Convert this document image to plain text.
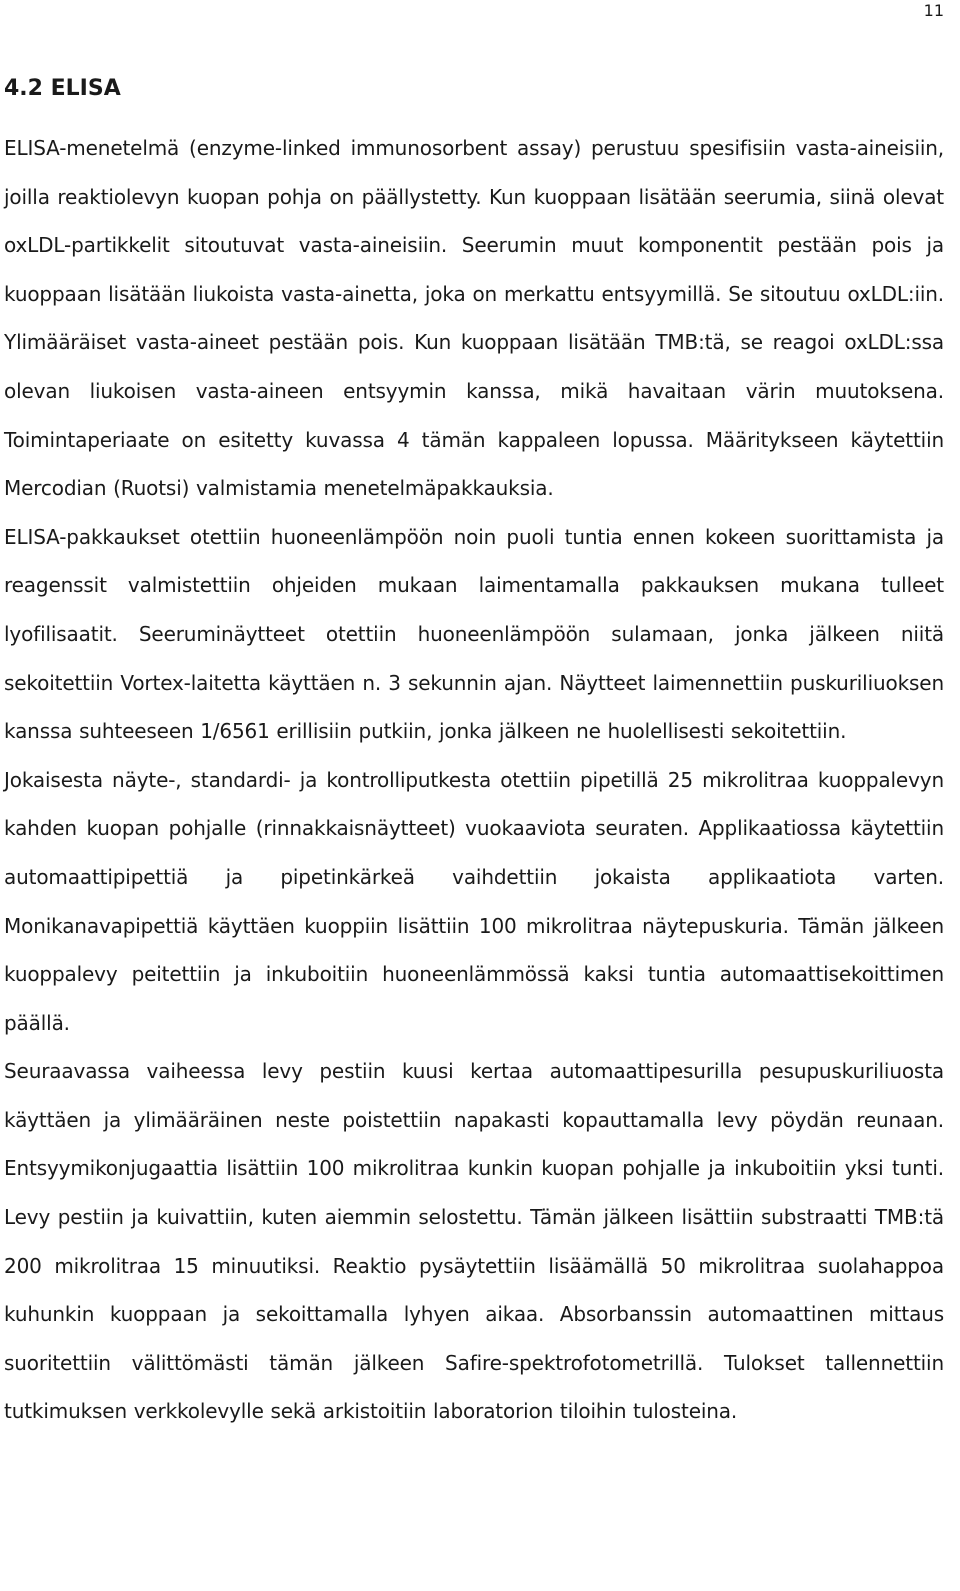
11
4.2 ELISA

ELISA-menetelmä (enzyme-linked immunosorbent assay) perustuu spesifisiin vasta-aineisiin, joilla reaktiolevyn kuopan pohja on päällystetty. Kun kuoppaan lisätään seerumia, siinä olevat oxLDL-partikkelit sitoutuvat vasta-aineisiin. Seerumin muut komponentit pestään pois ja kuoppaan lisätään liukoista vasta-ainetta, joka on merkattu entsyymillä. Se sitoutuu oxLDL:iin. Ylimääräiset vasta-aineet pestään pois. Kun kuoppaan lisätään TMB:tä, se reagoi oxLDL:ssa olevan liukoisen vasta-aineen entsyymin kanssa, mikä havaitaan värin muutoksena. Toimintaperiaate on esitetty kuvassa 4 tämän kappaleen lopussa. Määritykseen käytettiin Mercodian (Ruotsi) valmistamia menetelmäpakkauksia.

ELISA-pakkaukset otettiin huoneenlämpöön noin puoli tuntia ennen kokeen suorittamista ja reagenssit valmistettiin ohjeiden mukaan laimentamalla pakkauksen mukana tulleet lyofilisaatit. Seeruminäytteet otettiin huoneenlämpöön sulamaan, jonka jälkeen niitä sekoitettiin Vortex-laitetta käyttäen n. 3 sekunnin ajan. Näytteet laimennettiin puskuriliuoksen kanssa suhteeseen 1/6561 erillisiin putkiin, jonka jälkeen ne huolellisesti sekoitettiin.

Jokaisesta näyte-, standardi- ja kontrolliputkesta otettiin pipetillä 25 mikrolitraa kuoppalevyn kahden kuopan pohjalle (rinnakkaisnäytteet) vuokaaviota seuraten. Applikaatiossa käytettiin automaattipipettiä ja pipetinkärkeä vaihdettiin jokaista applikaatiota varten. Monikanavapipettiä käyttäen kuoppiin lisättiin 100 mikrolitraa näytepuskuria. Tämän jälkeen kuoppalevy peitettiin ja inkuboitiin huoneenlämmössä kaksi tuntia automaattisekoittimen päällä.

Seuraavassa vaiheessa levy pestiin kuusi kertaa automaattipesurilla pesupuskuriliuosta käyttäen ja ylimääräinen neste poistettiin napakasti kopauttamalla levy pöydän reunaan. Entsyymikonjugaattia lisättiin 100 mikrolitraa kunkin kuopan pohjalle ja inkuboitiin yksi tunti. Levy pestiin ja kuivattiin, kuten aiemmin selostettu. Tämän jälkeen lisättiin substraatti TMB:tä 200 mikrolitraa 15 minuutiksi. Reaktio pysäytettiin lisäämällä 50 mikrolitraa suolahappoa kuhunkin kuoppaan ja sekoittamalla lyhyen aikaa. Absorbanssin automaattinen mittaus suoritettiin välittömästi tämän jälkeen Safire-spektrofotometrillä. Tulokset tallennettiin tutkimuksen verkkolevylle sekä arkistoitiin laboratorion tiloihin tulosteina.
